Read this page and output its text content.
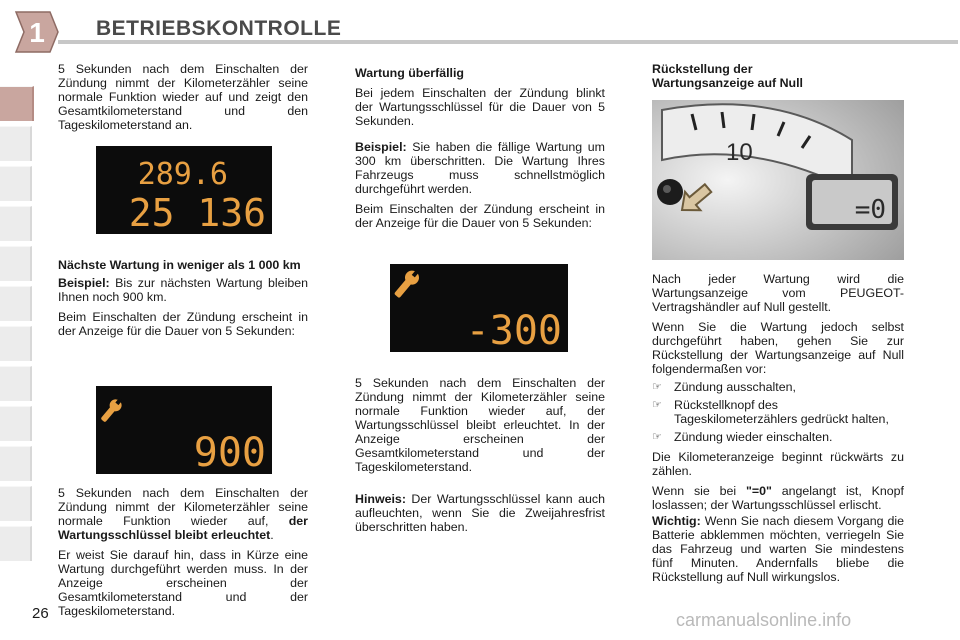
1 BETRIEBSKONTROLLE

5 Sekunden nach dem Einschalten der Zündung nimmt der Kilometerzähler seine normale Funktion wieder auf und zeigt den Gesamtkilometerstand und den Tageskilometerstand an.

289.6
25 136

Nächste Wartung in weniger als 1 000 km

Beispiel: Bis zur nächsten Wartung bleiben Ihnen noch 900 km.

Beim Einschalten der Zündung erscheint in der Anzeige für die Dauer von 5 Sekunden:

900

5 Sekunden nach dem Einschalten der Zündung nimmt der Kilometerzähler seine normale Funktion wieder auf, der Wartungsschlüssel bleibt erleuchtet.

Er weist Sie darauf hin, dass in Kürze eine Wartung durchgeführt werden muss. In der Anzeige erscheinen der Gesamtkilometerstand und der Tageskilometerstand.

Wartung überfällig

Bei jedem Einschalten der Zündung blinkt der Wartungsschlüssel für die Dauer von 5 Sekunden.

Beispiel: Sie haben die fällige Wartung um 300 km überschritten. Die Wartung Ihres Fahrzeugs muss schnellstmöglich durchgeführt werden.

Beim Einschalten der Zündung erscheint in der Anzeige für die Dauer von 5 Sekunden:

-300

5 Sekunden nach dem Einschalten der Zündung nimmt der Kilometerzähler seine normale Funktion wieder auf, der Wartungsschlüssel bleibt erleuchtet. In der Anzeige erscheinen der Gesamtkilometerstand und der Tageskilometerstand.

Hinweis: Der Wartungsschlüssel kann auch aufleuchten, wenn Sie die Zweijahresfrist überschritten haben.

Rückstellung der

Wartungsanzeige auf Null

10
=0

Nach jeder Wartung wird die Wartungsanzeige vom PEUGEOT-Vertragshändler auf Null gestellt.

Wenn Sie die Wartung jedoch selbst durchgeführt haben, gehen Sie zur Rückstellung der Wartungsanzeige auf Null folgendermaßen vor:

☞ Zündung ausschalten,
☞ Rückstellknopf des Tageskilometerzählers gedrückt halten,
☞ Zündung wieder einschalten.

Die Kilometeranzeige beginnt rückwärts zu zählen.

Wenn sie bei "=0" angelangt ist, Knopf loslassen; der Wartungsschlüssel erlischt.

Wichtig: Wenn Sie nach diesem Vorgang die Batterie abklemmen möchten, verriegeln Sie das Fahrzeug und warten Sie mindestens fünf Minuten. Andernfalls bliebe die Rückstellung auf Null wirkungslos.

26	carmanualsonline.info
